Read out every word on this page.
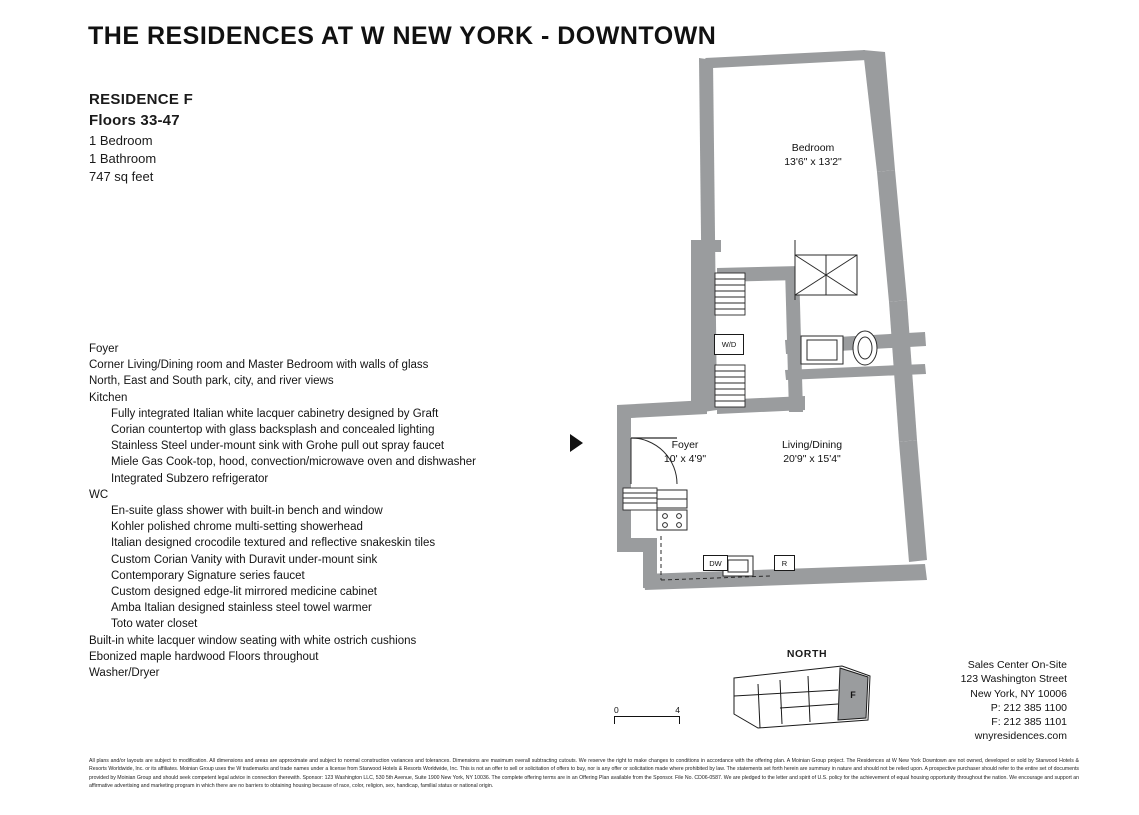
THE RESIDENCES AT W NEW YORK - DOWNTOWN
RESIDENCE F
Floors 33-47
1 Bedroom
1 Bathroom
747 sq feet
Foyer
Corner Living/Dining room and Master Bedroom with walls of glass
North, East and South park, city, and river views
Kitchen
Fully integrated Italian white lacquer cabinetry designed by Graft
Corian countertop with glass backsplash and concealed lighting
Stainless Steel under-mount sink with Grohe pull out spray faucet
Miele Gas Cook-top, hood, convection/microwave oven and dishwasher
Integrated Subzero refrigerator
WC
En-suite glass shower with built-in bench and window
Kohler polished chrome multi-setting showerhead
Italian designed crocodile textured and reflective snakeskin tiles
Custom Corian Vanity with Duravit under-mount sink
Contemporary Signature series faucet
Custom designed edge-lit mirrored medicine cabinet
Amba Italian designed stainless steel towel warmer
Toto water closet
Built-in white lacquer window seating with white ostrich cushions
Ebonized maple hardwood Floors throughout
Washer/Dryer
Bedroom
13'6" x 13'2"
Living/Dining
20'9" x 15'4"
Foyer
10' x 4'9"
W/D
DW	R
NORTH
F
0	4
Sales Center On-Site
123 Washington Street
New York, NY 10006
P: 212 385 1100
F: 212 385 1101
wnyresidences.com
All plans and/or layouts are subject to modification. All dimensions and areas are approximate and subject to normal construction variances and tolerances. Dimensions are maximum overall subtracting cutouts. We reserve the right to make changes to conditions in accordance with the offering plan. A Moinian Group project. The Residences at W New York Downtown are not owned, developed or sold by Starwood Hotels & Resorts Worldwide, Inc. or its affiliates. Moinian Group uses the W trademarks and trade names under a license from Starwood Hotels & Resorts Worldwide, Inc. This is not an offer to sell or solicitation of offers to buy, nor is any offer or solicitation made where prohibited by law. The statements set forth herein are summary in nature and should not be relied upon. A prospective purchaser should refer to the entire set of documents provided by Moinian Group and should seek competent legal advice in connection therewith. Sponsor: 123 Washington LLC, 530 5th Avenue, Suite 1900 New York, NY 10036. The complete offering terms are in an Offering Plan available from the Sponsor. File No. CD06-0587. We are pledged to the letter and spirit of U.S. policy for the achievement of equal housing opportunity throughout the nation. We encourage and support an affirmative advertising and marketing program in which there are no barriers to obtaining housing because of race, color, religion, sex, handicap, familial status or national origin.
